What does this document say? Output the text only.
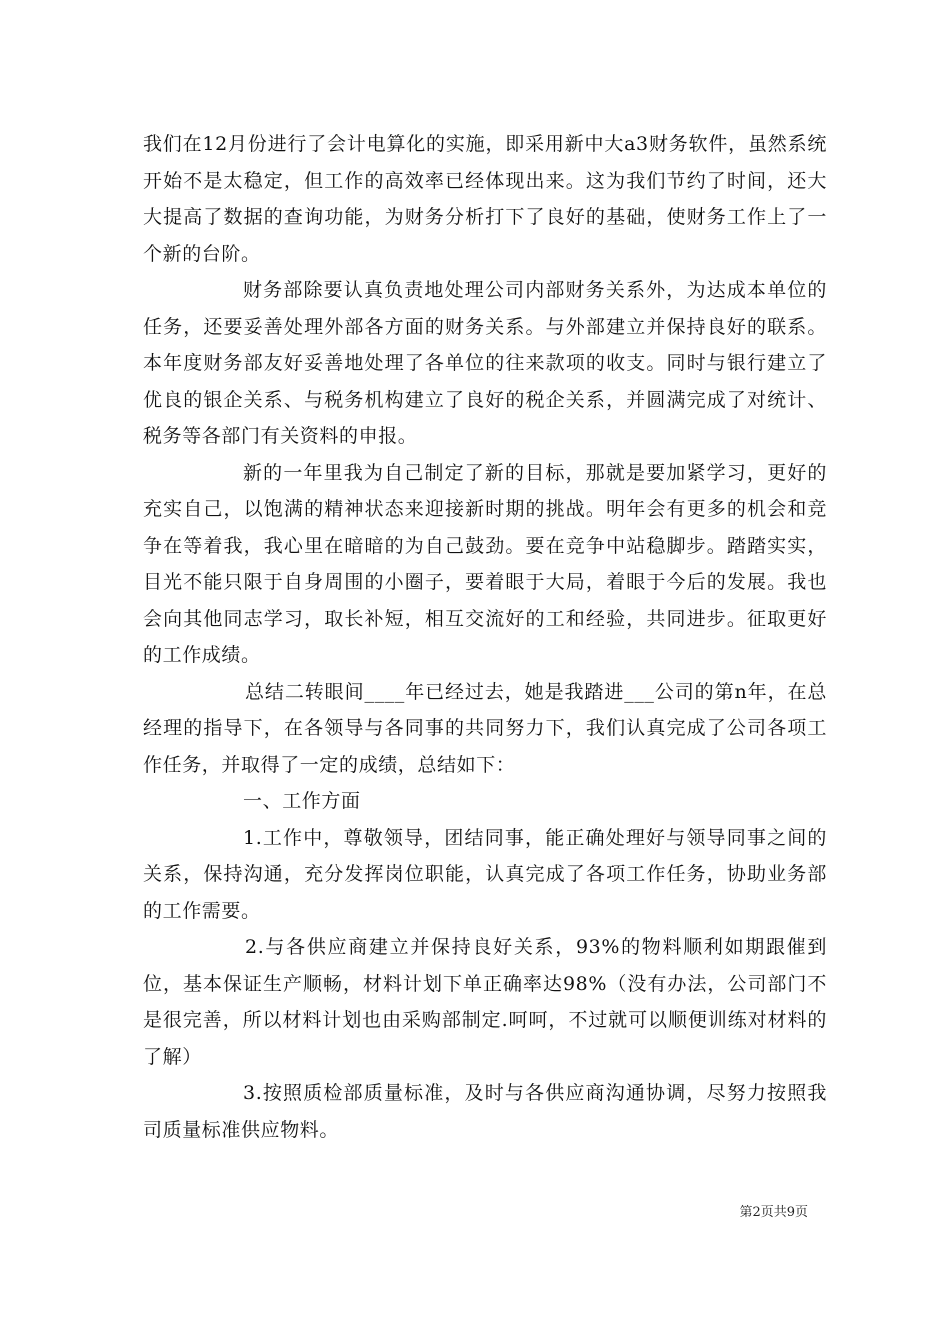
我们在12月份进行了会计电算化的实施，即采用新中大a3财务软件，虽然系统开始不是太稳定，但工作的高效率已经体现出来。这为我们节约了时间，还大大提高了数据的查询功能，为财务分析打下了良好的基础，使财务工作上了一个新的台阶。

财务部除要认真负责地处理公司内部财务关系外，为达成本单位的任务，还要妥善处理外部各方面的财务关系。与外部建立并保持良好的联系。本年度财务部友好妥善地处理了各单位的往来款项的收支。同时与银行建立了优良的银企关系、与税务机构建立了良好的税企关系，并圆满完成了对统计、税务等各部门有关资料的申报。

新的一年里我为自己制定了新的目标，那就是要加紧学习，更好的充实自己，以饱满的精神状态来迎接新时期的挑战。明年会有更多的机会和竞争在等着我，我心里在暗暗的为自己鼓劲。要在竞争中站稳脚步。踏踏实实，目光不能只限于自身周围的小圈子，要着眼于大局，着眼于今后的发展。我也会向其他同志学习，取长补短，相互交流好的工和经验，共同进步。征取更好的工作成绩。

总结二转眼间____年已经过去，她是我踏进___公司的第n年，在总经理的指导下，在各领导与各同事的共同努力下，我们认真完成了公司各项工作任务，并取得了一定的成绩，总结如下：

一、工作方面

1.工作中，尊敬领导，团结同事，能正确处理好与领导同事之间的关系，保持沟通，充分发挥岗位职能，认真完成了各项工作任务，协助业务部的工作需要。

2.与各供应商建立并保持良好关系，93%的物料顺利如期跟催到位，基本保证生产顺畅，材料计划下单正确率达98%（没有办法，公司部门不是很完善，所以材料计划也由采购部制定.呵呵，不过就可以顺便训练对材料的了解）

3.按照质检部质量标准，及时与各供应商沟通协调，尽努力按照我司质量标准供应物料。

第2页共9页
